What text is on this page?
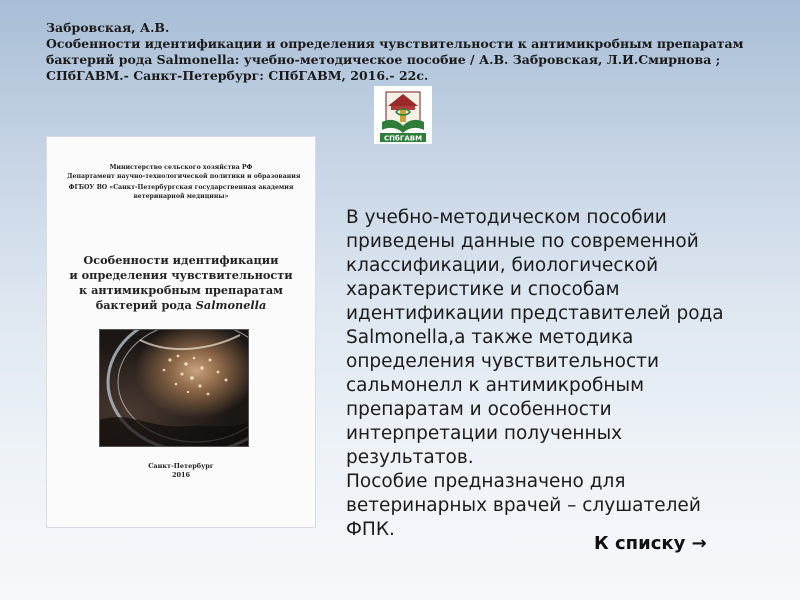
Забровская, А.В.
Особенности идентификации и определения чувствительности к антимикробным препаратам
бактерий рода Salmonella: учебно-методическое пособие / А.В. Забровская, Л.И.Смирнова ;
СПбГАВМ.- Санкт-Петербург: СПбГАВМ, 2016.- 22с.
СПбГАВМ
Министерство сельского хозяйства РФ
Департамент научно-технологической политики и образования
ФГБОУ ВО «Санкт-Петербургская государственная академия
ветеринарной медицины»
Особенности идентификации
и определения чувствительности
к антимикробным препаратам
бактерий рода Salmonella
Санкт-Петербург
2016
В учебно-методическом пособии
приведены данные по современной
классификации, биологической
характеристике и способам
идентификации представителей рода
Salmonella,а также методика
определения чувствительности
сальмонелл к антимикробным
препаратам и особенности
интерпретации полученных
результатов.
Пособие предназначено для
ветеринарных врачей – слушателей
ФПК.
К списку →
